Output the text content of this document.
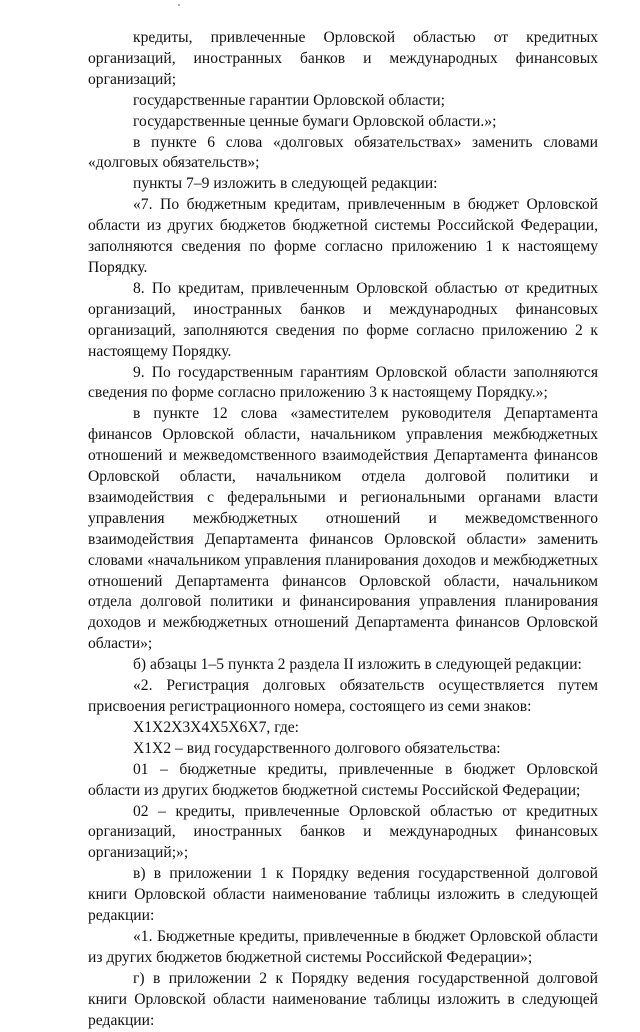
кредиты, привлеченные Орловской областью от кредитных организаций, иностранных банков и международных финансовых организаций;

государственные гарантии Орловской области;

государственные ценные бумаги Орловской области.»;

в пункте 6 слова «долговых обязательствах» заменить словами «долговых обязательств»;

пункты 7–9 изложить в следующей редакции:

«7. По бюджетным кредитам, привлеченным в бюджет Орловской области из других бюджетов бюджетной системы Российской Федерации, заполняются сведения по форме согласно приложению 1 к настоящему Порядку.

8. По кредитам, привлеченным Орловской областью от кредитных организаций, иностранных банков и международных финансовых организаций, заполняются сведения по форме согласно приложению 2 к настоящему Порядку.

9. По государственным гарантиям Орловской области заполняются сведения по форме согласно приложению 3 к настоящему Порядку.»;

в пункте 12 слова «заместителем руководителя Департамента финансов Орловской области, начальником управления межбюджетных отношений и межведомственного взаимодействия Департамента финансов Орловской области, начальником отдела долговой политики и взаимодействия с федеральными и региональными органами власти управления межбюджетных отношений и межведомственного взаимодействия Департамента финансов Орловской области» заменить словами «начальником управления планирования доходов и межбюджетных отношений Департамента финансов Орловской области, начальником отдела долговой политики и финансирования управления планирования доходов и межбюджетных отношений Департамента финансов Орловской области»;

б) абзацы 1–5 пункта 2 раздела II изложить в следующей редакции:

«2. Регистрация долговых обязательств осуществляется путем присвоения регистрационного номера, состоящего из семи знаков:

X1X2X3X4X5X6X7, где:

X1X2 – вид государственного долгового обязательства:

01 – бюджетные кредиты, привлеченные в бюджет Орловской области из других бюджетов бюджетной системы Российской Федерации;

02 – кредиты, привлеченные Орловской областью от кредитных организаций, иностранных банков и международных финансовых организаций;»;

в) в приложении 1 к Порядку ведения государственной долговой книги Орловской области наименование таблицы изложить в следующей редакции:

«1. Бюджетные кредиты, привлеченные в бюджет Орловской области из других бюджетов бюджетной системы Российской Федерации»;

г) в приложении 2 к Порядку ведения государственной долговой книги Орловской области наименование таблицы изложить в следующей редакции:
